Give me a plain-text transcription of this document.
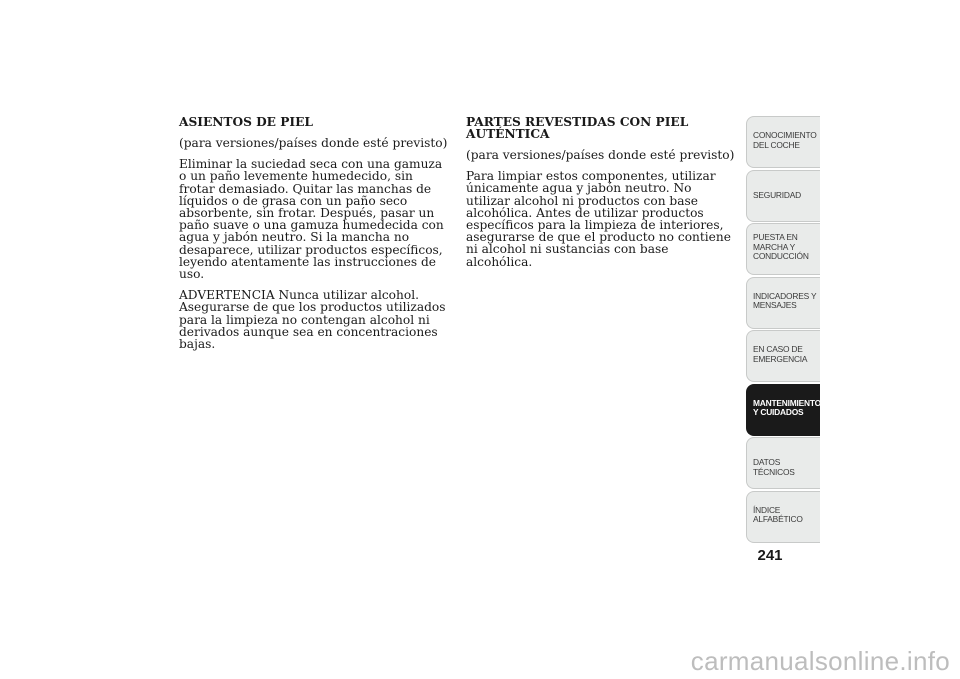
ASIENTOS DE PIEL

(para versiones/países donde esté previsto)

Eliminar la suciedad seca con una gamuza o un paño levemente humedecido, sin frotar demasiado. Quitar las manchas de líquidos o de grasa con un paño seco absorbente, sin frotar. Después, pasar un paño suave o una gamuza humedecida con agua y jabón neutro. Si la mancha no desaparece, utilizar productos específicos, leyendo atentamente las instrucciones de uso.

ADVERTENCIA Nunca utilizar alcohol. Asegurarse de que los productos utilizados para la limpieza no contengan alcohol ni derivados aunque sea en concentraciones bajas.

PARTES REVESTIDAS CON PIEL AUTÉNTICA

(para versiones/países donde esté previsto)

Para limpiar estos componentes, utilizar únicamente agua y jabón neutro. No utilizar alcohol ni productos con base alcohólica. Antes de utilizar productos específicos para la limpieza de interiores, asegurarse de que el producto no contiene ni alcohol ni sustancias con base alcohólica.

CONOCIMIENTO DEL COCHE
SEGURIDAD
PUESTA EN MARCHA Y CONDUCCIÓN
INDICADORES Y MENSAJES
EN CASO DE EMERGENCIA
MANTENIMIENTO Y CUIDADOS
DATOS TÉCNICOS
ÍNDICE ALFABÉTICO
241
carmanualsonline.info
